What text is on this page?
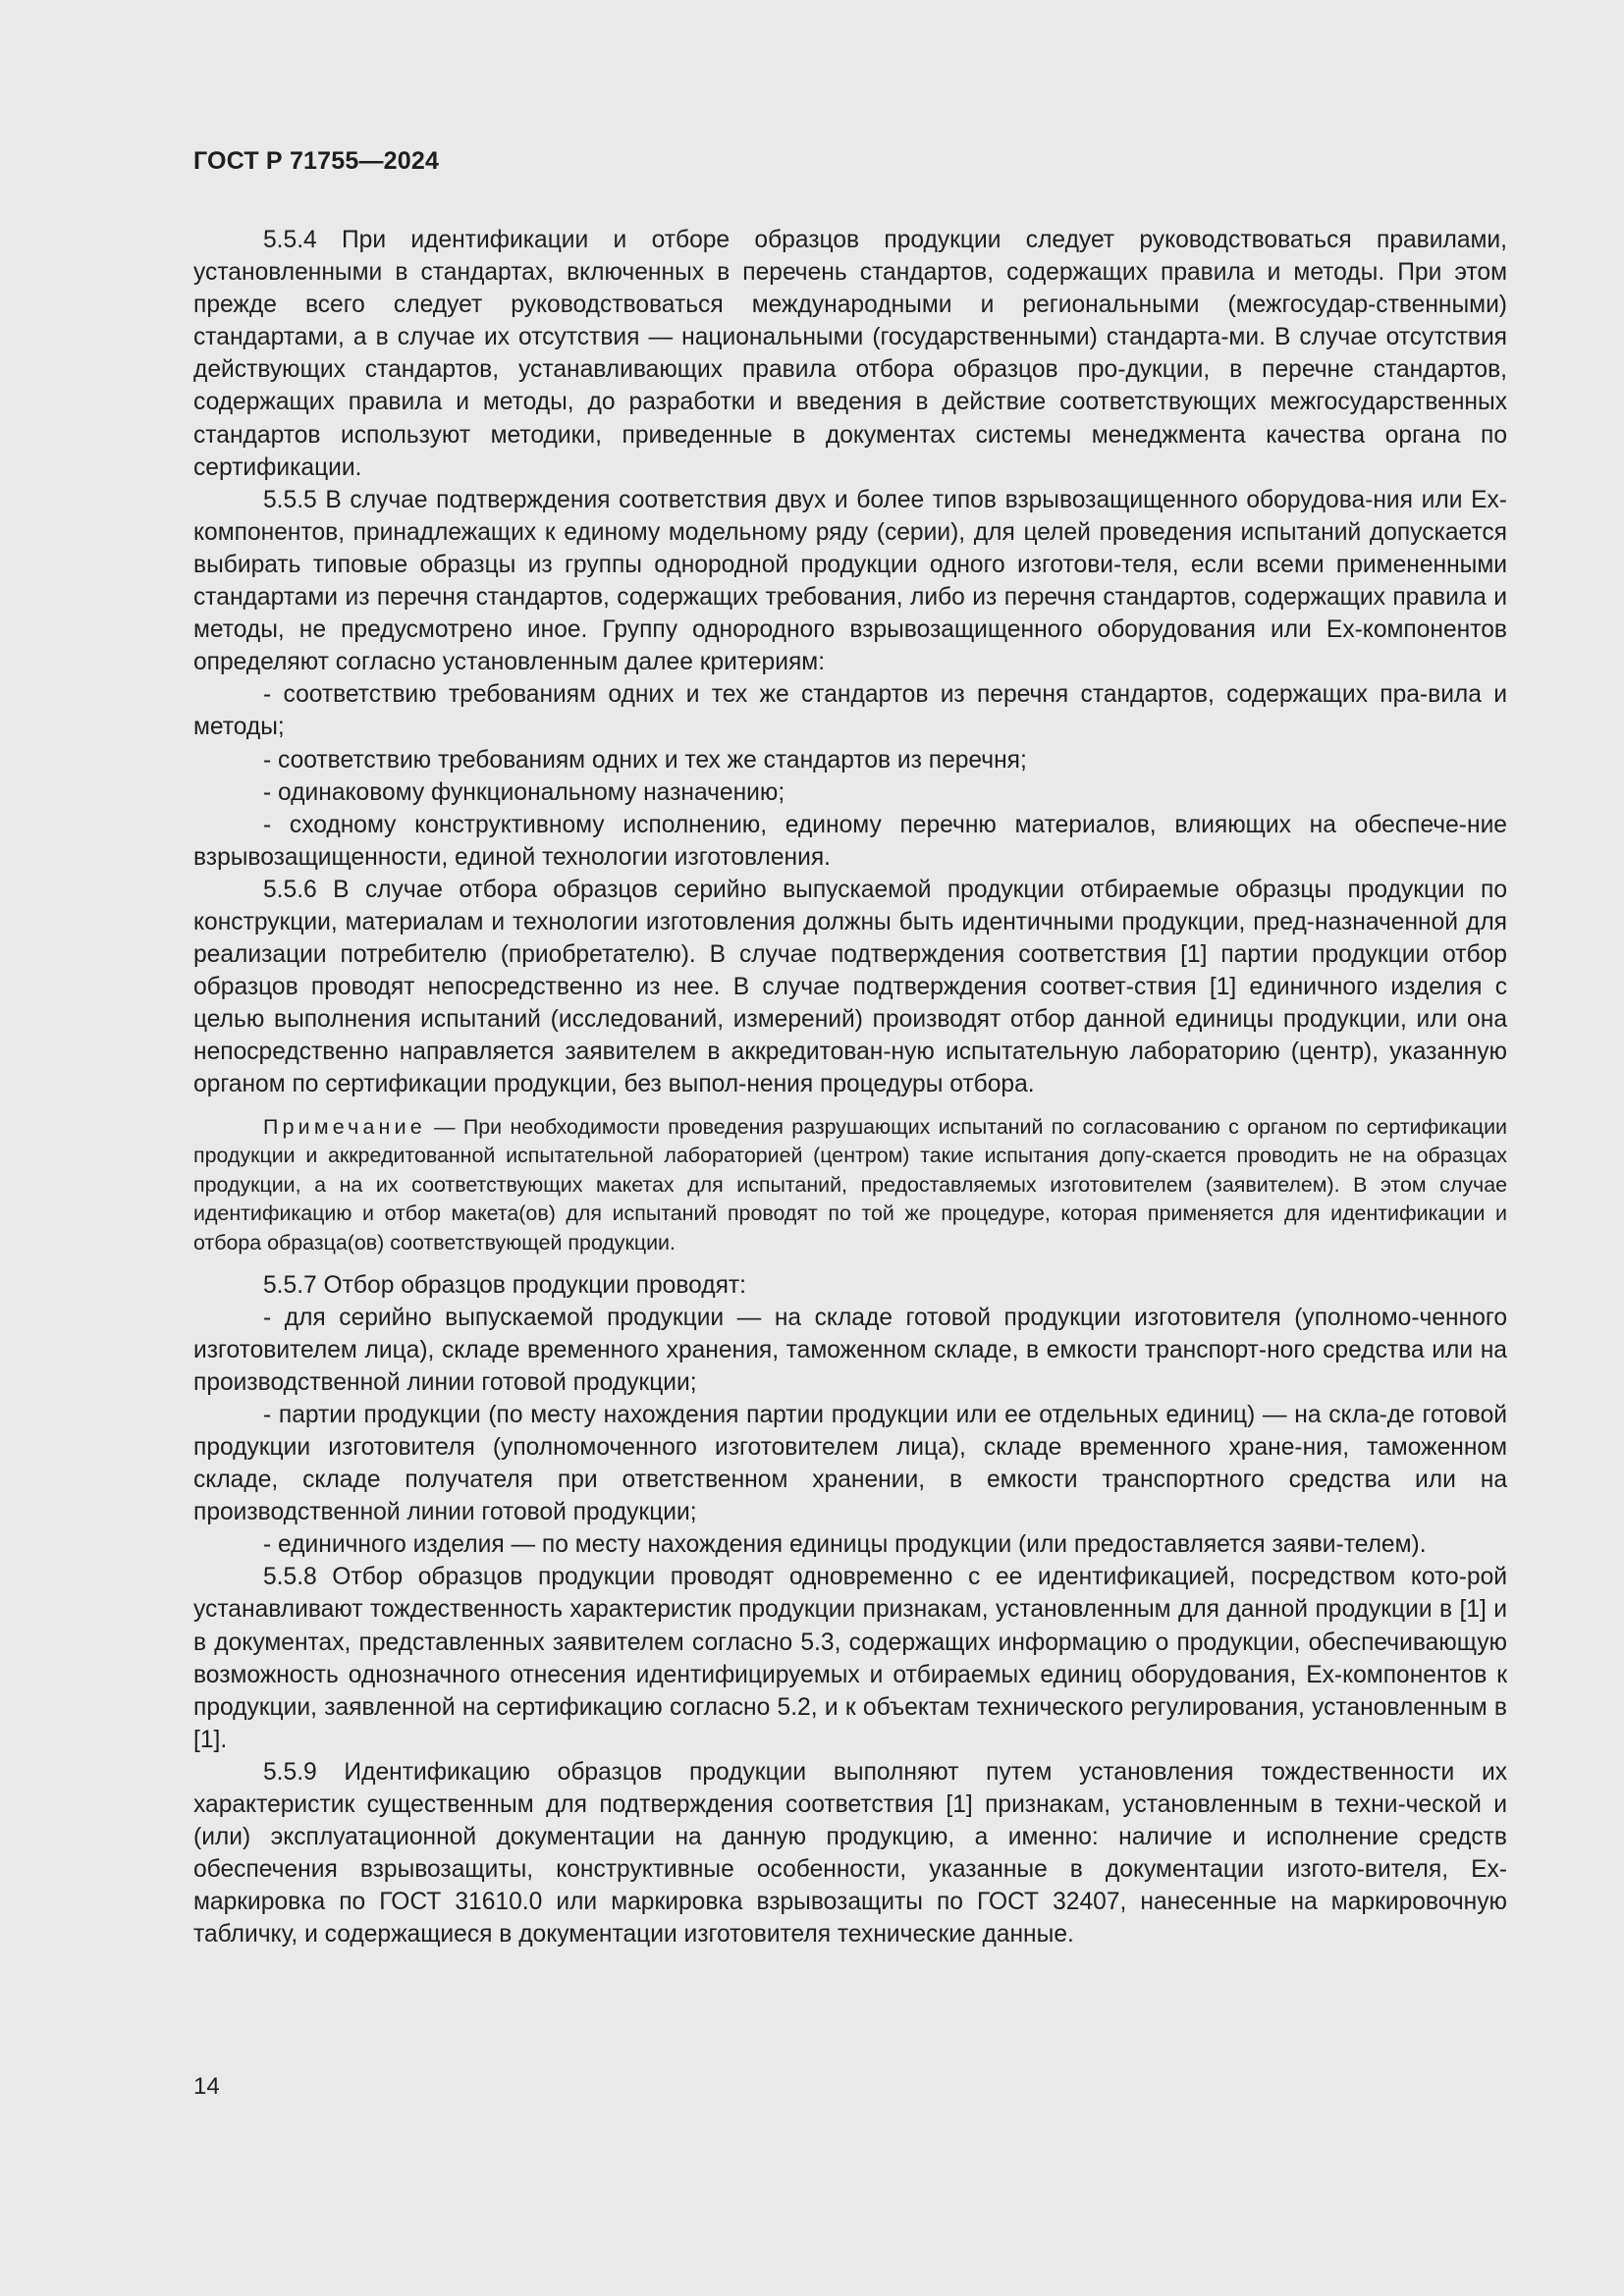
ГОСТ Р 71755—2024

5.5.4 При идентификации и отборе образцов продукции следует руководствоваться правилами, установленными в стандартах, включенных в перечень стандартов, содержащих правила и методы. При этом прежде всего следует руководствоваться международными и региональными (межгосудар-ственными) стандартами, а в случае их отсутствия — национальными (государственными) стандарта-ми. В случае отсутствия действующих стандартов, устанавливающих правила отбора образцов про-дукции, в перечне стандартов, содержащих правила и методы, до разработки и введения в действие соответствующих межгосударственных стандартов используют методики, приведенные в документах системы менеджмента качества органа по сертификации.

5.5.5 В случае подтверждения соответствия двух и более типов взрывозащищенного оборудова-ния или Ex-компонентов, принадлежащих к единому модельному ряду (серии), для целей проведения испытаний допускается выбирать типовые образцы из группы однородной продукции одного изготови-теля, если всеми примененными стандартами из перечня стандартов, содержащих требования, либо из перечня стандартов, содержащих правила и методы, не предусмотрено иное. Группу однородного взрывозащищенного оборудования или Ex-компонентов определяют согласно установленным далее критериям:

- соответствию требованиям одних и тех же стандартов из перечня стандартов, содержащих пра-вила и методы;

- соответствию требованиям одних и тех же стандартов из перечня;

- одинаковому функциональному назначению;

- сходному конструктивному исполнению, единому перечню материалов, влияющих на обеспече-ние взрывозащищенности, единой технологии изготовления.

5.5.6 В случае отбора образцов серийно выпускаемой продукции отбираемые образцы продукции по конструкции, материалам и технологии изготовления должны быть идентичными продукции, пред-назначенной для реализации потребителю (приобретателю). В случае подтверждения соответствия [1] партии продукции отбор образцов проводят непосредственно из нее. В случае подтверждения соответ-ствия [1] единичного изделия с целью выполнения испытаний (исследований, измерений) производят отбор данной единицы продукции, или она непосредственно направляется заявителем в аккредитован-ную испытательную лабораторию (центр), указанную органом по сертификации продукции, без выпол-нения процедуры отбора.

Примечание — При необходимости проведения разрушающих испытаний по согласованию с органом по сертификации продукции и аккредитованной испытательной лабораторией (центром) такие испытания допу-скается проводить не на образцах продукции, а на их соответствующих макетах для испытаний, предоставляемых изготовителем (заявителем). В этом случае идентификацию и отбор макета(ов) для испытаний проводят по той же процедуре, которая применяется для идентификации и отбора образца(ов) соответствующей продукции.

5.5.7 Отбор образцов продукции проводят:

- для серийно выпускаемой продукции — на складе готовой продукции изготовителя (уполномо-ченного изготовителем лица), складе временного хранения, таможенном складе, в емкости транспорт-ного средства или на производственной линии готовой продукции;

- партии продукции (по месту нахождения партии продукции или ее отдельных единиц) — на скла-де готовой продукции изготовителя (уполномоченного изготовителем лица), складе временного хране-ния, таможенном складе, складе получателя при ответственном хранении, в емкости транспортного средства или на производственной линии готовой продукции;

- единичного изделия — по месту нахождения единицы продукции (или предоставляется заяви-телем).

5.5.8 Отбор образцов продукции проводят одновременно с ее идентификацией, посредством кото-рой устанавливают тождественность характеристик продукции признакам, установленным для данной продукции в [1] и в документах, представленных заявителем согласно 5.3, содержащих информацию о продукции, обеспечивающую возможность однозначного отнесения идентифицируемых и отбираемых единиц оборудования, Ex-компонентов к продукции, заявленной на сертификацию согласно 5.2, и к объектам технического регулирования, установленным в [1].

5.5.9 Идентификацию образцов продукции выполняют путем установления тождественности их характеристик существенным для подтверждения соответствия [1] признакам, установленным в техни-ческой и (или) эксплуатационной документации на данную продукцию, а именно: наличие и исполнение средств обеспечения взрывозащиты, конструктивные особенности, указанные в документации изгото-вителя, Ex-маркировка по ГОСТ 31610.0 или маркировка взрывозащиты по ГОСТ 32407, нанесенные на маркировочную табличку, и содержащиеся в документации изготовителя технические данные.

14
